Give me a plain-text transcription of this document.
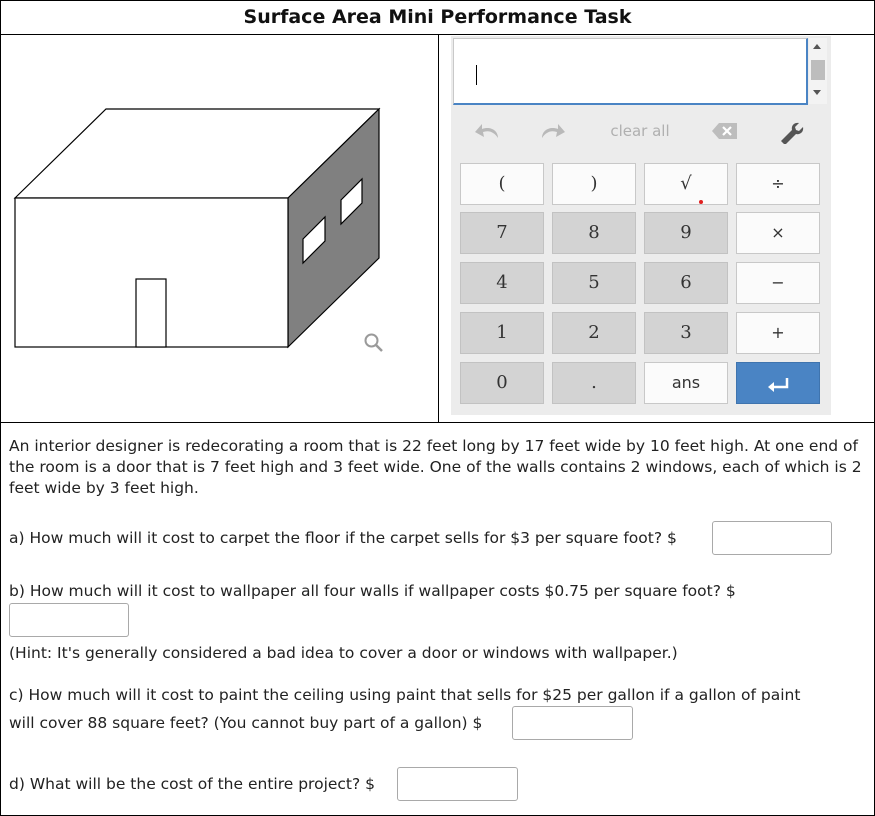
Surface Area Mini Performance Task
clear all
(	)	√	÷
7	8	9	×
4	5	6	−
1	2	3	+
0	.	ans
An interior designer is redecorating a room that is 22 feet long by 17 feet wide by 10 feet high. At one end of the room is a door that is 7 feet high and 3 feet wide. One of the walls contains 2 windows, each of which is 2 feet wide by 3 feet high.
a) How much will it cost to carpet the floor if the carpet sells for $3 per square foot? $
b) How much will it cost to wallpaper all four walls if wallpaper costs $0.75 per square foot? $
(Hint: It's generally considered a bad idea to cover a door or windows with wallpaper.)
c) How much will it cost to paint the ceiling using paint that sells for $25 per gallon if a gallon of paint
will cover 88 square feet? (You cannot buy part of a gallon) $
d) What will be the cost of the entire project? $
